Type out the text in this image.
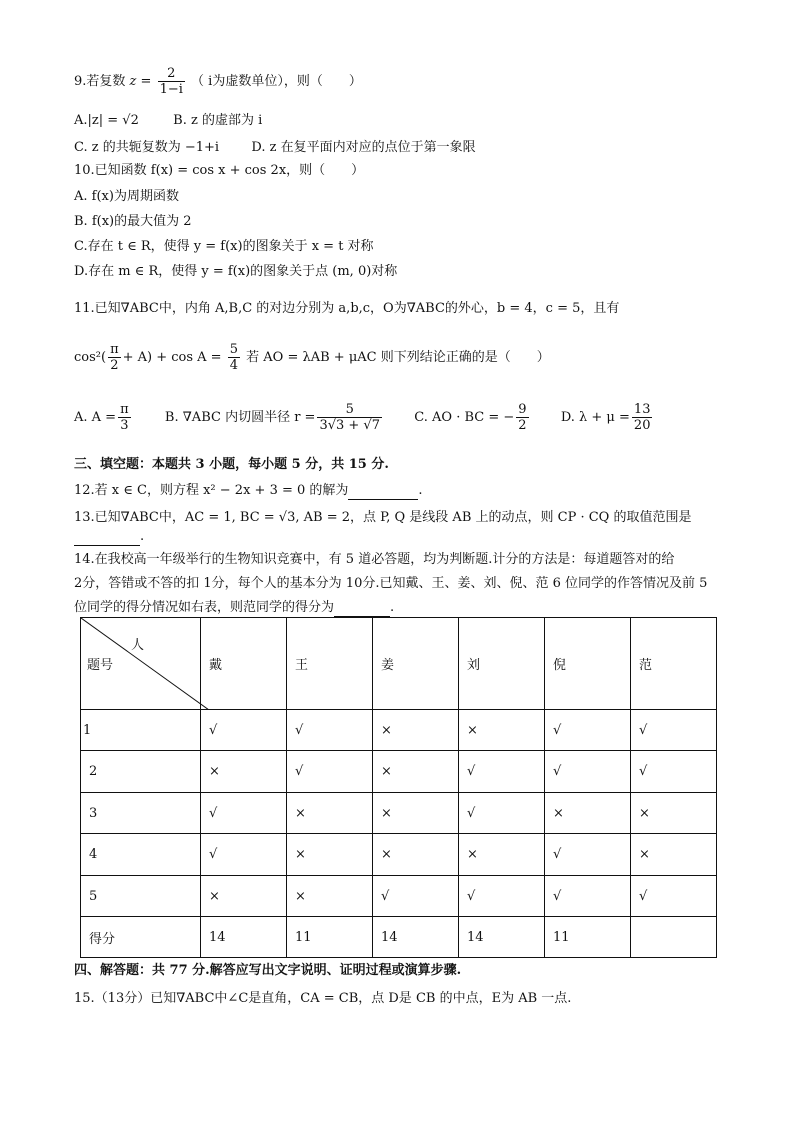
9.若复数 $z = \frac{2}{1-i}$ （ i为虚数单位），则（　　）
A.|z| = √2	B. z 的虚部为 i
C. z 的共轭复数为 −1+i D. z 在复平面内对应的点位于第一象限
10.已知函数 f(x) = cos x + cos 2x，则（　　）
A. f(x)为周期函数
B. f(x)的最大值为 2
C.存在 t ∈ R，使得 y = f(x)的图象关于 x = t 对称
D.存在 m ∈ R，使得 y = f(x)的图象关于点 (m, 0)对称
11.已知∇ABC中，内角 A,B,C 的对边分别为 a,b,c，O为∇ABC的外心，b = 4，c = 5，且有
$\cos^2( \frac{\pi}{2} + A) + \cos A = \frac{5}{4}$ 若 AO = λAB + μAC 则下列结论正确的是（　　）
A. $A = \frac{\pi}{3}$	B. ∇ABC 内切圆半径 $r = \frac{5}{3√3 + √7} C$. AO · BC = − $\frac{9}{2} D$. $\lambda + \mu = \frac{13}{20}$
三、填空题：本题共 3 小题，每小题 5 分，共 15 分.
12.若 x ∈ C，则方程 x² − 2x + 3 = 0 的解为	.
13.已知∇ABC中，AC = 1, BC = √3, AB = 2，点 P, Q 是线段 AB 上的动点，则 CP · CQ 的取值范围是
.
14.在我校高一年级举行的生物知识竞赛中，有 5 道必答题，均为判断题.计分的方法是：每道题答对的给
2分，答错或不答的扣 1分，每个人的基本分为 10分.已知戴、王、姜、刘、倪、范 6 位同学的作答情况及前 5
位同学的得分情况如右表，则范同学的得分为	.
人
题号	戴	王	姜	刘	倪	范
1	√	√	×	×	√	√
2	×	√	×	√	√	√
3	√	×	×	√	×	×
4	√	×	×	×	√	×
5	×	×	√	√	√	√
得分	14	11	14	14	11	
四、解答题：共 77 分.解答应写出文字说明、证明过程或演算步骤.
15.（13分）已知∇ABC中∠C是直角，CA = CB，点 D是 CB 的中点，E为 AB 一点.
